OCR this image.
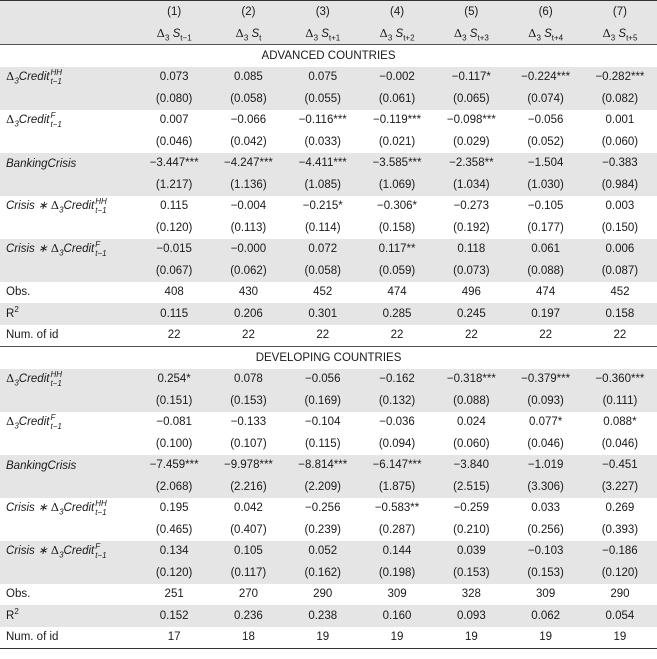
	(1)	(2)	(3)	(4)	(5)	(6)	(7)
	$\Delta_3$ $S_{t-1}$	$\Delta_3$ $S_t$	$\Delta_3$ $S_{t+1}$	$\Delta_3$ $S_{t+2}$	$\Delta_3$ $S_{t+3}$	$\Delta_3$ $S_{t+4}$	$\Delta_3$ $S_{t+5}$
ADVANCED COUNTRIES							
$\Delta_3Credit$ HH
t−1	0.073	0.085	0.075	−0.002	−0.117*	−0.224***	−0.282***
	(0.080)	(0.058)	(0.055)	(0.061)	(0.065)	(0.074)	(0.082)
$\Delta_3Credit$ F
t−1	0.007	−0.066	−0.116***	−0.119***	−0.098***	−0.056	0.001
	(0.046)	(0.042)	(0.033)	(0.021)	(0.029)	(0.052)	(0.060)
BankingCrisis	−3.447***	−4.247***	−4.411***	−3.585***	−2.358**	−1.504	−0.383
	(1.217)	(1.136)	(1.085)	(1.069)	(1.034)	(1.030)	(0.984)
Crisis ∗ $\Delta_3Credit$ HH
t−1	0.115	−0.004	−0.215*	−0.306*	−0.273	−0.105	0.003
	(0.120)	(0.113)	(0.114)	(0.158)	(0.192)	(0.177)	(0.150)
Crisis ∗ $\Delta_3Credit$ F
t−1	−0.015	−0.000	0.072	0.117**	0.118	0.061	0.006
	(0.067)	(0.062)	(0.058)	(0.059)	(0.073)	(0.088)	(0.087)
Obs.	408	430	452	474	496	474	452
$R^2$	0.115	0.206	0.301	0.285	0.245	0.197	0.158
Num. of id	22	22	22	22	22	22	22
DEVELOPING COUNTRIES							
$\Delta_3Credit$ HH
t−1	0.254*	0.078	−0.056	−0.162	−0.318***	−0.379***	−0.360***
	(0.151)	(0.153)	(0.169)	(0.132)	(0.088)	(0.093)	(0.111)
$\Delta_3Credit$ F
t−1	−0.081	−0.133	−0.104	−0.036	0.024	0.077*	0.088*
	(0.100)	(0.107)	(0.115)	(0.094)	(0.060)	(0.046)	(0.046)
BankingCrisis	−7.459***	−9.978***	−8.814***	−6.147***	−3.840	−1.019	−0.451
	(2.068)	(2.216)	(2.209)	(1.875)	(2.515)	(3.306)	(3.227)
Crisis ∗ $\Delta_3Credit$ HH
t−1	0.195	0.042	−0.256	−0.583**	−0.259	0.033	0.269
	(0.465)	(0.407)	(0.239)	(0.287)	(0.210)	(0.256)	(0.393)
Crisis ∗ $\Delta_3Credit$ F
t−1	0.134	0.105	0.052	0.144	0.039	−0.103	−0.186
	(0.120)	(0.117)	(0.162)	(0.198)	(0.153)	(0.153)	(0.120)
Obs.	251	270	290	309	328	309	290
$R^2$	0.152	0.236	0.238	0.160	0.093	0.062	0.054
Num. of id	17	18	19	19	19	19	19
